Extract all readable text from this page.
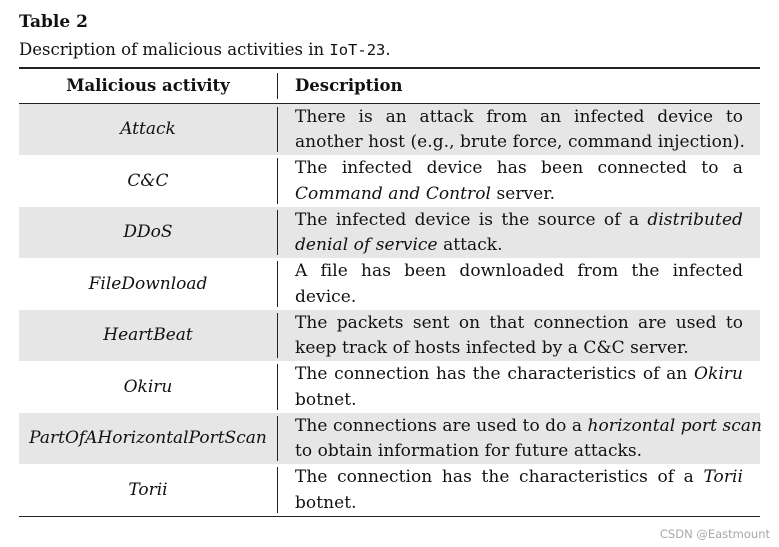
Table 2
Description of malicious activities in IoT-23.
Malicious activity	Description
Attack
There is an attack from an infected device to
another host (e.g., brute force, command injection).
C&C
The infected device has been connected to a
Command and Control server.
DDoS
The infected device is the source of a distributed
denial of service attack.
FileDownload
A file has been downloaded from the infected
device.
HeartBeat
The packets sent on that connection are used to
keep track of hosts infected by a C&C server.
Okiru
The connection has the characteristics of an Okiru
botnet.
PartOfAHorizontalPortScan
The connections are used to do a horizontal port scan
to obtain information for future attacks.
Torii
The connection has the characteristics of a Torii
botnet.
CSDN @Eastmount
